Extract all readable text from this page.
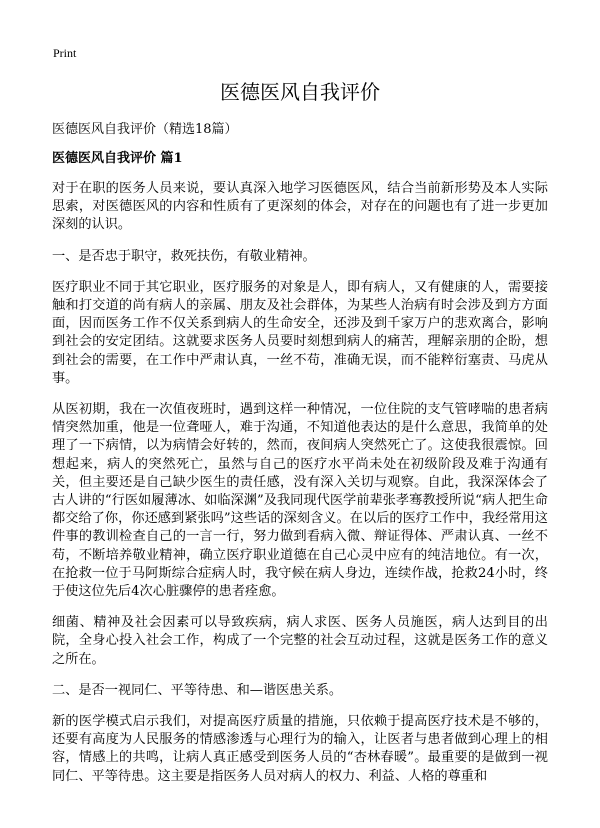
Print
医德医风自我评价
医德医风自我评价（精选18篇）
医德医风自我评价 篇1

对于在职的医务人员来说，要认真深入地学习医德医风，结合当前新形势及本人实际思索，对医德医风的内容和性质有了更深刻的体会，对存在的问题也有了进一步更加深刻的认识。

一、是否忠于职守，救死扶伤，有敬业精神。

医疗职业不同于其它职业，医疗服务的对象是人，即有病人，又有健康的人，需要接触和打交道的尚有病人的亲属、朋友及社会群体，为某些人治病有时会涉及到方方面面，因而医务工作不仅关系到病人的生命安全，还涉及到千家万户的悲欢离合，影响到社会的安定团结。这就要求医务人员要时刻想到病人的痛苦，理解亲朋的企盼，想到社会的需要，在工作中严肃认真，一丝不苟，准确无误，而不能粹衍塞责、马虎从事。

从医初期，我在一次值夜班时，遇到这样一种情况，一位住院的支气管哮喘的患者病情突然加重，他是一位聋哑人，难于沟通，不知道他表达的是什么意思，我简单的处理了一下病情，以为病情会好转的，然而，夜间病人突然死亡了。这使我很震惊。回想起来，病人的突然死亡，虽然与自己的医疗水平尚未处在初级阶段及难于沟通有关，但主要还是自己缺少医生的责任感，没有深入关切与观察。自此，我深深体会了古人讲的“行医如履薄冰、如临深渊”及我同现代医学前辈张孝骞教授所说“病人把生命都交给了你，你还感到紧张吗”这些话的深刻含义。在以后的医疗工作中，我经常用这件事的教训检查自己的一言一行，努力做到看病入微、辩证得体、严肃认真、一丝不苟，不断培养敬业精神，确立医疗职业道德在自己心灵中应有的纯洁地位。有一次，在抢救一位于马阿斯综合症病人时，我守候在病人身边，连续作战，抢救24小时，终于使这位先后4次心脏骤停的患者痊愈。

细菌、精神及社会因素可以导致疾病，病人求医、医务人员施医，病人达到目的出院，全身心投入社会工作，构成了一个完整的社会互动过程，这就是医务工作的意义之所在。

二、是否一视同仁、平等待患、和—谐医患关系。

新的医学模式启示我们，对提高医疗质量的措施，只依赖于提高医疗技术是不够的，还要有高度为人民服务的情感渗透与心理行为的输入，让医者与患者做到心理上的相容，情感上的共鸣，让病人真正感受到医务人员的“杏林春暖”。最重要的是做到一视同仁、平等待患。这主要是指医务人员对病人的权力、利益、人格的尊重和
